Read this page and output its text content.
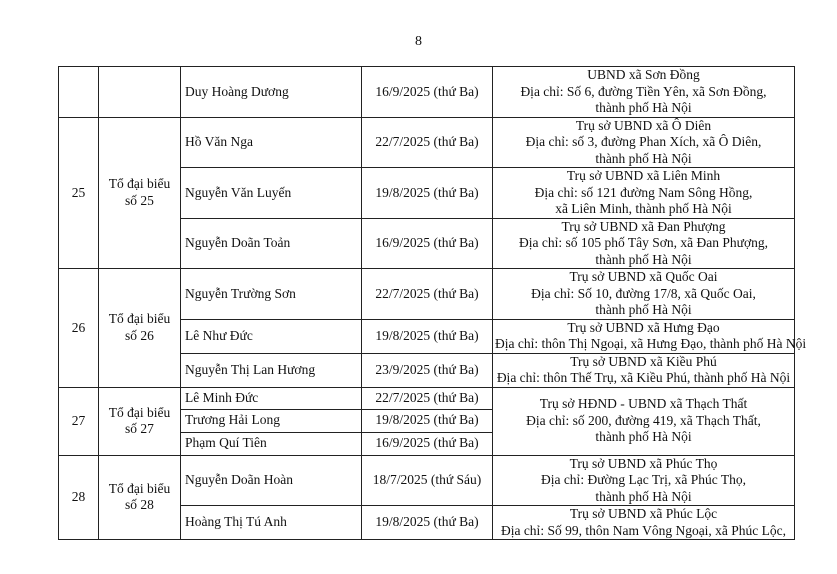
8
		Duy Hoàng Dương	16/9/2025 (thứ Ba)	UBND xã Sơn Đồng
Địa chỉ: Số 6, đường Tiền Yên, xã Sơn Đồng,
thành phố Hà Nội

25	Tổ đại biểu
số 25	Hồ Văn Nga	22/7/2025 (thứ Ba)	Trụ sở UBND xã Ô Diên
Địa chỉ: số 3, đường Phan Xích, xã Ô Diên,
thành phố Hà Nội

		Nguyễn Văn Luyến	19/8/2025 (thứ Ba)	Trụ sở UBND xã Liên Minh
Địa chỉ: số 121 đường Nam Sông Hồng,
xã Liên Minh, thành phố Hà Nội

		Nguyễn Doãn Toản	16/9/2025 (thứ Ba)	Trụ sở UBND xã Đan Phượng
Địa chỉ: số 105 phố Tây Sơn, xã Đan Phượng,
thành phố Hà Nội

26	Tổ đại biểu
số 26	Nguyễn Trường Sơn	22/7/2025 (thứ Ba)	Trụ sở UBND xã Quốc Oai
Địa chỉ: Số 10, đường 17/8, xã Quốc Oai,
thành phố Hà Nội

		Lê Như Đức	19/8/2025 (thứ Ba)	Trụ sở UBND xã Hưng Đạo
Địa chỉ: thôn Thị Ngoại, xã Hưng Đạo, thành phố Hà Nội

		Nguyễn Thị Lan Hương	23/9/2025 (thứ Ba)	Trụ sở UBND xã Kiều Phú
Địa chỉ: thôn Thế Trụ, xã Kiều Phú, thành phố Hà Nội

27	Tổ đại biểu
số 27	Lê Minh Đức	22/7/2025 (thứ Ba)	Trụ sở HĐND - UBND xã Thạch Thất
Địa chỉ: số 200, đường 419, xã Thạch Thất,
thành phố Hà Nội

		Trương Hải Long	19/8/2025 (thứ Ba)	
		Phạm Quí Tiên	16/9/2025 (thứ Ba)	
28	Tổ đại biểu
số 28	Nguyễn Doãn Hoàn	18/7/2025 (thứ Sáu)	Trụ sở UBND xã Phúc Thọ
Địa chỉ: Đường Lạc Trị, xã Phúc Thọ,
thành phố Hà Nội

		Hoàng Thị Tú Anh	19/8/2025 (thứ Ba)	Trụ sở UBND xã Phúc Lộc
Địa chỉ: Số 99, thôn Nam Vông Ngoại, xã Phúc Lộc,
